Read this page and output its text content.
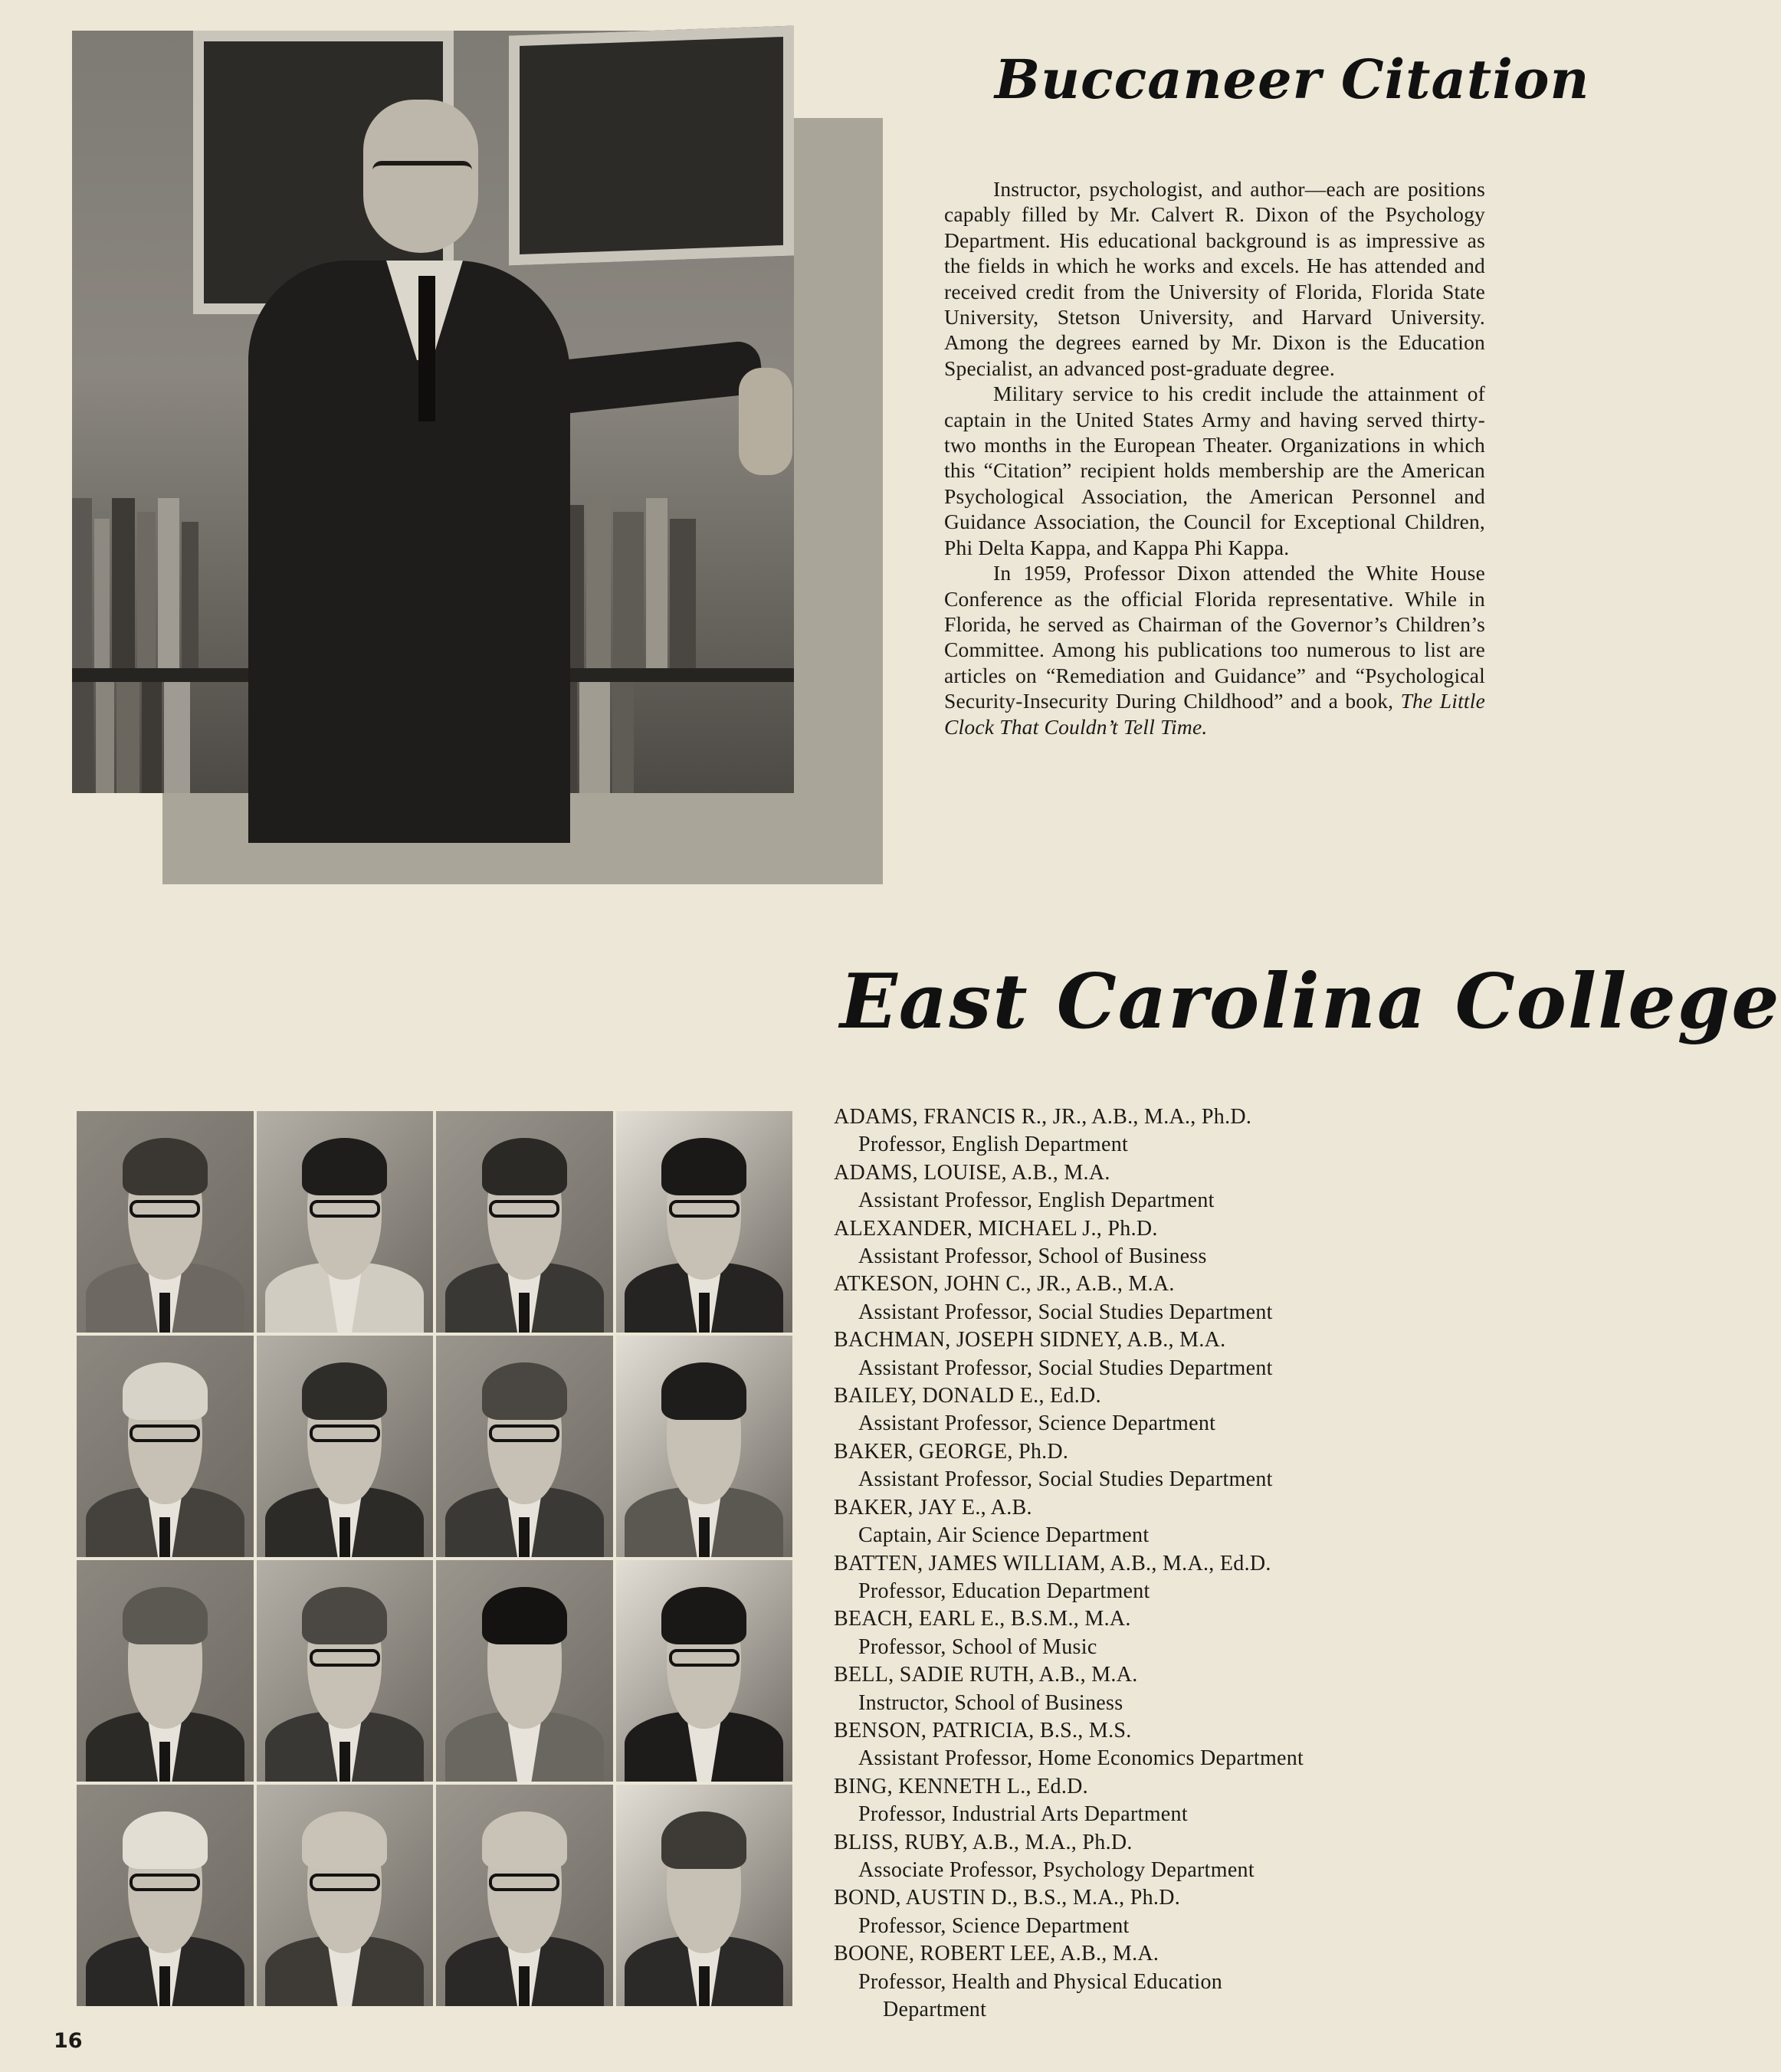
Buccaneer Citation

Instructor, psychologist, and author—each are positions capably filled by Mr. Calvert R. Dixon of the Psychology Department. His educational background is as impressive as the fields in which he works and excels. He has attended and received credit from the University of Florida, Florida State University, Stetson University, and Harvard University. Among the degrees earned by Mr. Dixon is the Education Specialist, an advanced post-graduate degree.

Military service to his credit include the attainment of captain in the United States Army and having served thirty-two months in the European Theater. Organizations in which this “Citation” recipient holds membership are the American Psychological Association, the American Personnel and Guidance Association, the Council for Exceptional Children, Phi Delta Kappa, and Kappa Phi Kappa.

In 1959, Professor Dixon attended the White House Conference as the official Florida representative. While in Florida, he served as Chairman of the Governor’s Children’s Committee. Among his publications too numerous to list are articles on “Remediation and Guidance” and “Psychological Security-Insecurity During Childhood” and a book, The Little Clock That Couldn’t Tell Time.

East Carolina College
ADAMS, FRANCIS R., JR., A.B., M.A., Ph.D.
Professor, English Department
ADAMS, LOUISE, A.B., M.A.
Assistant Professor, English Department
ALEXANDER, MICHAEL J., Ph.D.
Assistant Professor, School of Business
ATKESON, JOHN C., JR., A.B., M.A.
Assistant Professor, Social Studies Department
BACHMAN, JOSEPH SIDNEY, A.B., M.A.
Assistant Professor, Social Studies Department
BAILEY, DONALD E., Ed.D.
Assistant Professor, Science Department
BAKER, GEORGE, Ph.D.
Assistant Professor, Social Studies Department
BAKER, JAY E., A.B.
Captain, Air Science Department
BATTEN, JAMES WILLIAM, A.B., M.A., Ed.D.
Professor, Education Department
BEACH, EARL E., B.S.M., M.A.
Professor, School of Music
BELL, SADIE RUTH, A.B., M.A.
Instructor, School of Business
BENSON, PATRICIA, B.S., M.S.
Assistant Professor, Home Economics Department
BING, KENNETH L., Ed.D.
Professor, Industrial Arts Department
BLISS, RUBY, A.B., M.A., Ph.D.
Associate Professor, Psychology Department
BOND, AUSTIN D., B.S., M.A., Ph.D.
Professor, Science Department
BOONE, ROBERT LEE, A.B., M.A.
Professor, Health and Physical Education
Department
16
